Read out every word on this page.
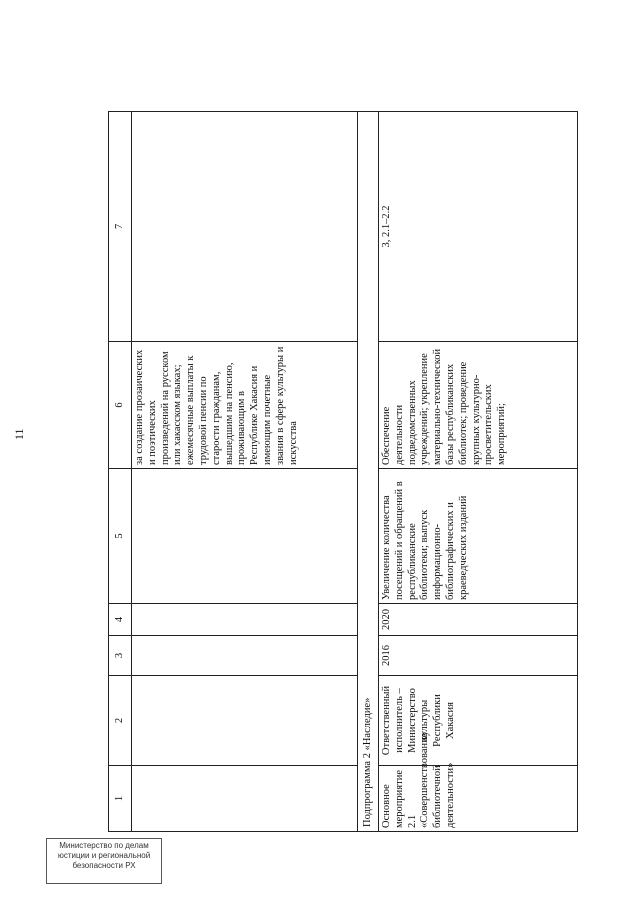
11
1	2	3	4	5	6	7
					за создание прозаических и поэтических произведений на русском или хакасском языках; ежемесячные выплаты к трудовой пенсии по старости гражданам, вышедшим на пенсию, проживающим в Республике Хакасия и имеющим почетные звания в сфере культуры и искусства	
Подпрограмма 2 «Наследие»						
Основное мероприятие 2.1 «Совершенствование библиотечной деятельности»	Ответственный исполнитель – Министерство культуры Республики Хакасия	2016	2020	Увеличение количества посещений и обращений в республиканские библиотеки; выпуск информационно-библиографических и краеведческих изданий	Обеспечение деятельности подведомственных учреждений; укрепление материально-технической базы республиканских библиотек; проведение крупных культурно-просветительских мероприятий;	3, 2.1–2.2
Министерство по делам юстиции и региональной безопасности РХ
